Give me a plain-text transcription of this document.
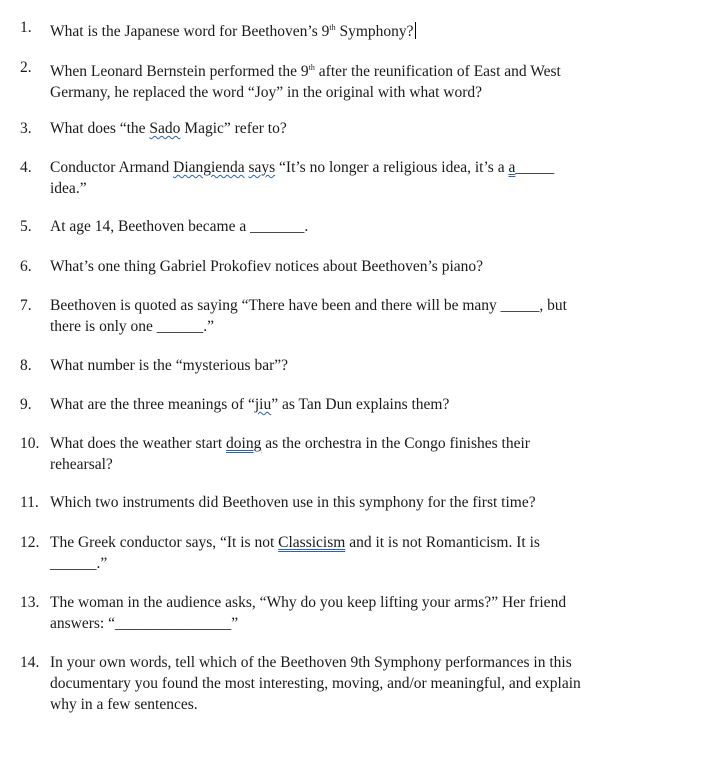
1.	What is the Japanese word for Beethoven’s 9th Symphony?
2.	When Leonard Bernstein performed the 9th after the reunification of East and West
Germany, he replaced the word “Joy” in the original with what word?
3.	What does “the Sado Magic” refer to?
4.	Conductor Armand Diangienda says “It’s no longer a religious idea, it’s a a_____
idea.”
5.	At age 14, Beethoven became a _______.
6.	What’s one thing Gabriel Prokofiev notices about Beethoven’s piano?
7.	Beethoven is quoted as saying “There have been and there will be many _____, but
there is only one ______.”
8.	What number is the “mysterious bar”?
9.	What are the three meanings of “jiu” as Tan Dun explains them?
10. What does the weather start doing as the orchestra in the Congo finishes their
rehearsal?
11. Which two instruments did Beethoven use in this symphony for the first time?
12. The Greek conductor says, “It is not Classicism and it is not Romanticism. It is
______.”
13. The woman in the audience asks, “Why do you keep lifting your arms?” Her friend
answers: “_______________”
14. In your own words, tell which of the Beethoven 9th Symphony performances in this
documentary you found the most interesting, moving, and/or meaningful, and explain
why in a few sentences.
